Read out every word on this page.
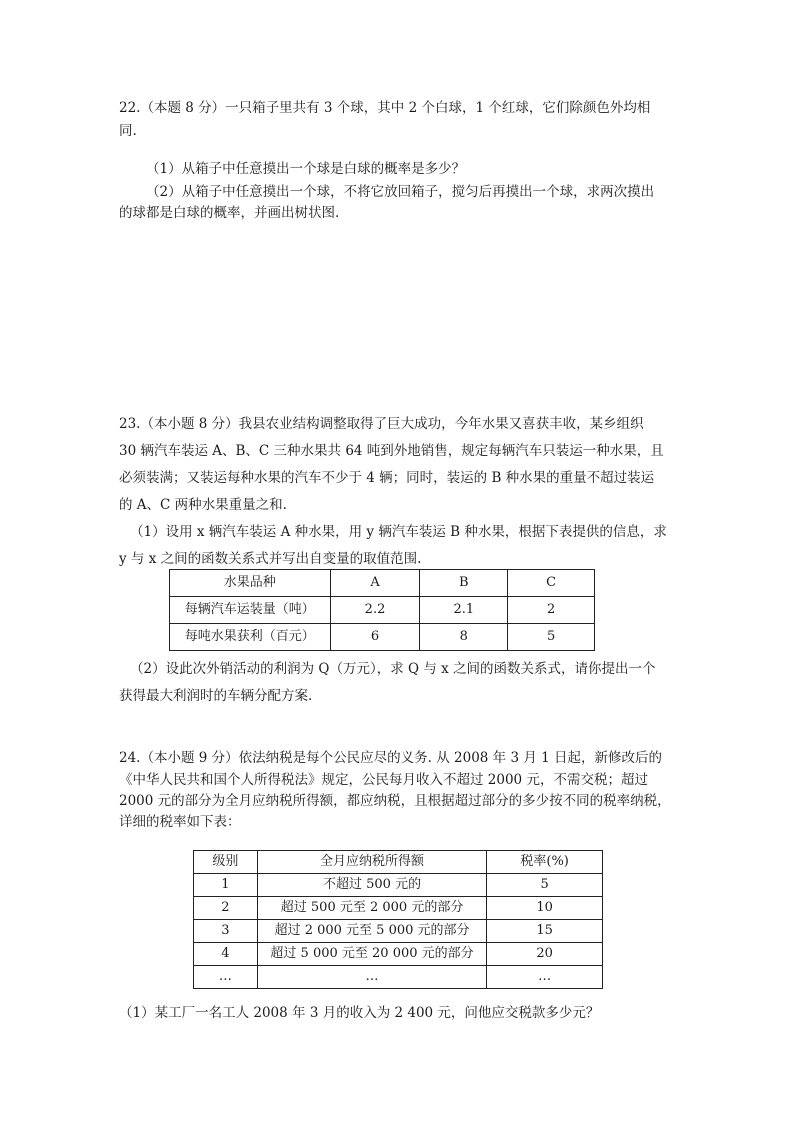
22.（本题 8 分）一只箱子里共有 3 个球，其中 2 个白球，1 个红球，它们除颜色外均相
同.
（1）从箱子中任意摸出一个球是白球的概率是多少？
（2）从箱子中任意摸出一个球，不将它放回箱子，搅匀后再摸出一个球，求两次摸出
的球都是白球的概率，并画出树状图.
23.（本小题 8 分）我县农业结构调整取得了巨大成功，今年水果又喜获丰收，某乡组织
30 辆汽车装运 A、B、C 三种水果共 64 吨到外地销售，规定每辆汽车只装运一种水果，且
必须装满；又装运每种水果的汽车不少于 4 辆；同时，装运的 B 种水果的重量不超过装运
的 A、C 两种水果重量之和.
（1）设用 x 辆汽车装运 A 种水果，用 y 辆汽车装运 B 种水果，根据下表提供的信息，求
y 与 x 之间的函数关系式并写出自变量的取值范围.
水果品种	A	B	C
每辆汽车运装量（吨）	2.2	2.1	2
每吨水果获利（百元）	6	8	5
（2）设此次外销活动的利润为 Q（万元），求 Q 与 x 之间的函数关系式，请你提出一个
获得最大利润时的车辆分配方案.
24.（本小题 9 分）依法纳税是每个公民应尽的义务. 从 2008 年 3 月 1 日起，新修改后的
《中华人民共和国个人所得税法》规定，公民每月收入不超过 2000 元，不需交税；超过
2000 元的部分为全月应纳税所得额，都应纳税，且根据超过部分的多少按不同的税率纳税，
详细的税率如下表：
级别	全月应纳税所得额	税率(%)
1	不超过 500 元的	5
2	超过 500 元至 2 000 元的部分	10
3	超过 2 000 元至 5 000 元的部分	15
4	超过 5 000 元至 20 000 元的部分	20
…	…	…
（1）某工厂一名工人 2008 年 3 月的收入为 2 400 元，问他应交税款多少元？
